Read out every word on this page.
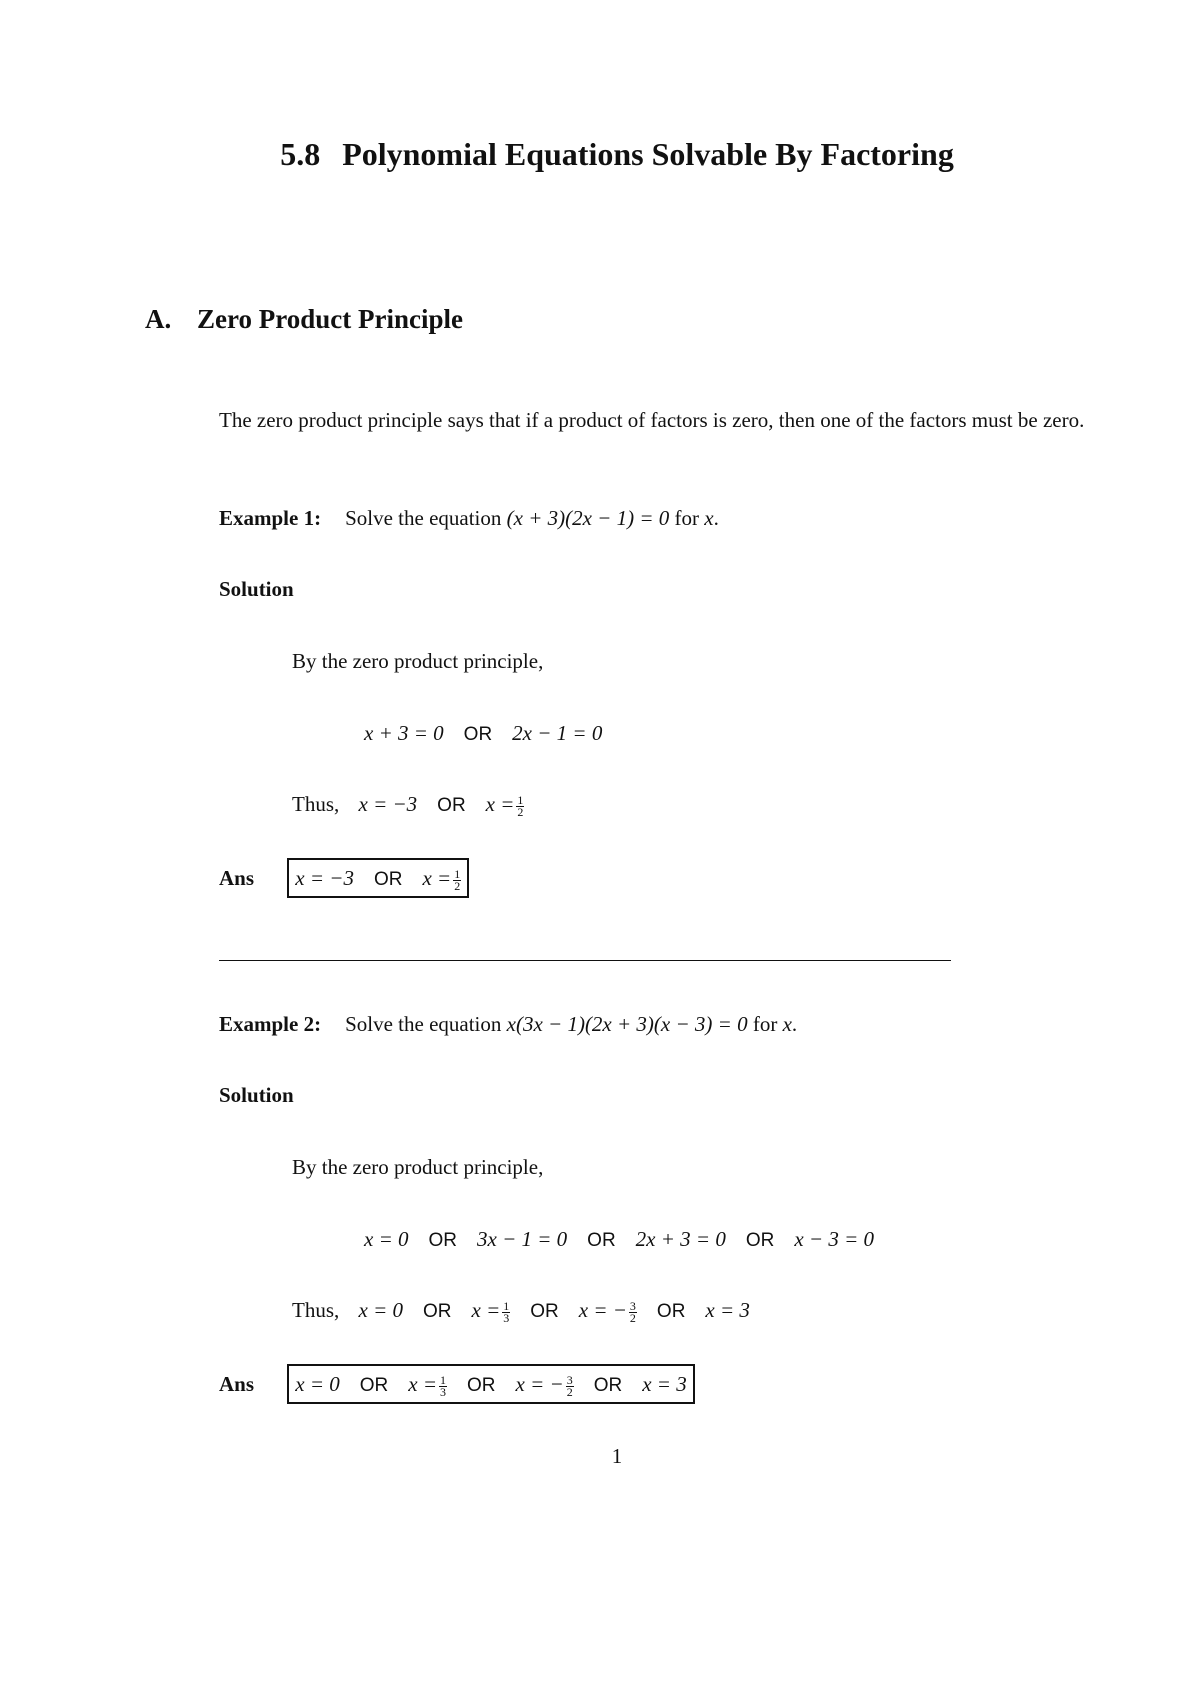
5.8 Polynomial Equations Solvable By Factoring
A. Zero Product Principle
The zero product principle says that if a product of factors is zero, then one of the factors must be zero.
Example 1: Solve the equation (x + 3)(2x − 1) = 0 for x.
Solution
By the zero product principle,
x + 3 = 0 OR 2x − 1 = 0
Thus, x = −3 OR $x = \frac{1}{2}$
Ans x = −3 OR $x = \frac{1}{2}$
Example 2: Solve the equation x(3x − 1)(2x + 3)(x − 3) = 0 for x.
Solution
By the zero product principle,
x = 0 OR 3x − 1 = 0 OR 2x + 3 = 0 OR x − 3 = 0
Thus, x = 0 OR $x = \frac{1}{3}$ OR x = − $\frac{3}{2}$ OR x = 3
Ans x = 0 OR $x = \frac{1}{3}$ OR x = − $\frac{3}{2}$ OR x = 3
1
